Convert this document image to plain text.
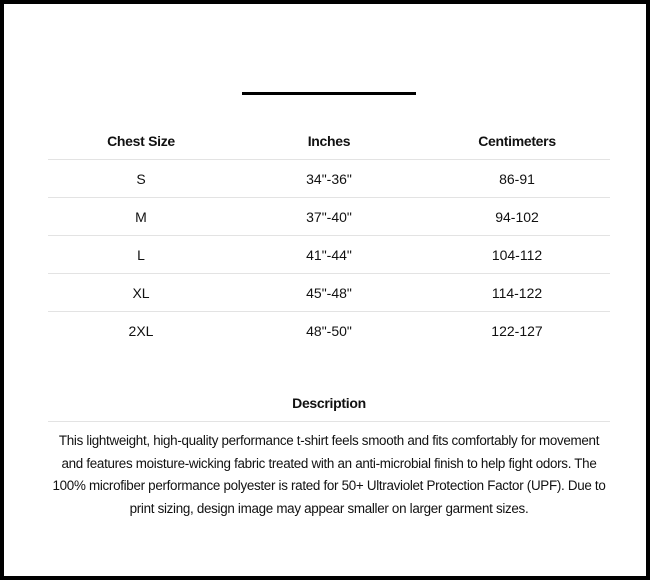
Chest Size	Inches	Centimeters
S	34"-36"	86-91
M	37"-40"	94-102
L	41"-44"	104-112
XL	45"-48"	114-122
2XL	48"-50"	122-127
Description
This lightweight, high-quality performance t-shirt feels smooth and fits comfortably for movement and features moisture-wicking fabric treated with an anti-microbial finish to help fight odors. The 100% microfiber performance polyester is rated for 50+ Ultraviolet Protection Factor (UPF). Due to print sizing, design image may appear smaller on larger garment sizes.
